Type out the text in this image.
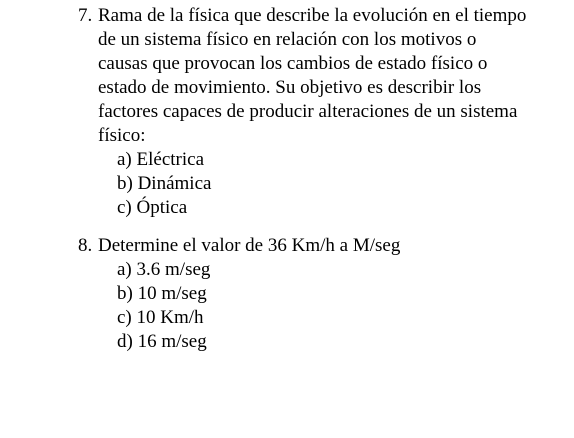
7. Rama de la física que describe la evolución en el tiempo
de un sistema físico en relación con los motivos o
causas que provocan los cambios de estado físico o
estado de movimiento. Su objetivo es describir los
factores capaces de producir alteraciones de un sistema
físico:
a) Eléctrica
b) Dinámica
c) Óptica
8. Determine el valor de 36 Km/h a M/seg
a) 3.6 m/seg
b) 10 m/seg
c) 10 Km/h
d) 16 m/seg
